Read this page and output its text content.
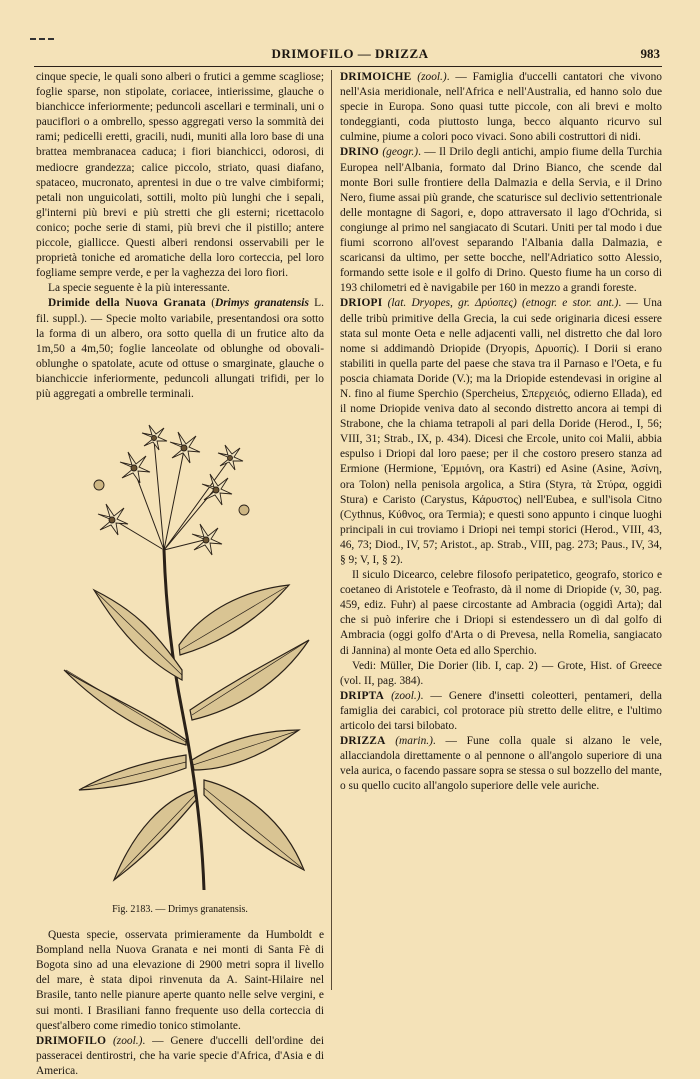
DRIMOFILO — DRIZZA	983

cinque specie, le quali sono alberi o frutici a gemme scagliose; foglie sparse, non stipolate, coriacee, intierissime, glauche o bianchicce inferiormente; peduncoli ascellari e terminali, uni o pauciflori o a ombrello, spesso aggregati verso la sommità dei rami; pedicelli eretti, gracili, nudi, muniti alla loro base di una brattea membranacea caduca; i fiori bianchicci, odorosi, di mediocre grandezza; calice piccolo, striato, quasi diafano, spataceo, mucronato, aprentesi in due o tre valve cimbiformi; petali non unguicolati, sottili, molto più lunghi che i sepali, gl'interni più brevi e più stretti che gli esterni; ricettacolo conico; poche serie di stami, più brevi che il pistillo; antere piccole, giallicce. Questi alberi rendonsi osservabili per le proprietà toniche ed aromatiche della loro corteccia, pel loro fogliame sempre verde, e per la vaghezza dei loro fiori.

La specie seguente è la più interessante.

Drimide della Nuova Granata (Drimys granatensis L. fil. suppl.). — Specie molto variabile, presentandosi ora sotto la forma di un albero, ora sotto quella di un frutice alto da 1m,50 a 4m,50; foglie lanceolate od oblunghe od obovali-oblunghe o spatolate, acute od ottuse o smarginate, glauche o bianchiccie inferiormente, peduncoli allungati trifidi, per lo più aggregati a ombrelle terminali.

Fig. 2183. — Drimys granatensis.

Questa specie, osservata primieramente da Humboldt e Bompland nella Nuova Granata e nei monti di Santa Fè di Bogota sino ad una elevazione di 2900 metri sopra il livello del mare, è stata dipoi rinvenuta da A. Saint-Hilaire nel Brasile, tanto nelle pianure aperte quanto nelle selve vergini, e sui monti. I Brasiliani fanno frequente uso della corteccia di quest'albero come rimedio tonico stimolante.

DRIMOFILO (zool.). — Genere d'uccelli dell'ordine dei passeracei dentirostri, che ha varie specie d'Africa, d'Asia e di America.

DRIMOICHE (zool.). — Famiglia d'uccelli cantatori che vivono nell'Asia meridionale, nell'Africa e nell'Australia, ed hanno solo due specie in Europa. Sono quasi tutte piccole, con ali brevi e molto tondeggianti, coda piuttosto lunga, becco alquanto ricurvo sul culmine, piume a colori poco vivaci. Sono abili costruttori di nidi.

DRINO (geogr.). — Il Drilo degli antichi, ampio fiume della Turchia Europea nell'Albania, formato dal Drino Bianco, che scende dal monte Bori sulle frontiere della Dalmazia e della Servia, e il Drino Nero, fiume assai più grande, che scaturisce sul declivio settentrionale delle montagne di Sagori, e, dopo attraversato il lago d'Ochrida, si congiunge al primo nel sangiacato di Scutari. Uniti per tal modo i due fiumi scorrono all'ovest separando l'Albania dalla Dalmazia, e scaricansi da ultimo, per sette bocche, nell'Adriatico sotto Alessio, formando sette isole e il golfo di Drino. Questo fiume ha un corso di 193 chilometri ed è navigabile per 160 in mezzo a grandi foreste.

DRIOPI (lat. Dryopes, gr. Δρύοπες) (etnogr. e stor. ant.). — Una delle tribù primitive della Grecia, la cui sede originaria dicesi essere stata sul monte Oeta e nelle adjacenti valli, nel distretto che dal loro nome si addimandò Driopide (Dryopis, Δρυοπίς). I Dorii si erano stabiliti in quella parte del paese che stava tra il Parnaso e l'Oeta, e fu poscia chiamata Doride (V.); ma la Driopide estendevasi in origine al N. fino al fiume Sperchio (Spercheius, Σπερχειός, odierno Ellada), ed il nome Driopide veniva dato al secondo distretto ancora ai tempi di Strabone, che la chiama tetrapoli al pari della Doride (Herod., I, 56; VIII, 31; Strab., IX, p. 434). Dicesi che Ercole, unito coi Malii, abbia espulso i Driopi dal loro paese; per il che costoro presero stanza ad Ermione (Hermione, Ἑρμιόνη, ora Kastri) ed Asine (Asine, Ἀσίνη, ora Tolon) nella penisola argolica, a Stira (Styra, τὰ Στύρα, oggidì Stura) e Caristo (Carystus, Κάρυστος) nell'Eubea, e sull'isola Citno (Cythnus, Κύθνος, ora Termia); e questi sono appunto i cinque luoghi principali in cui troviamo i Driopi nei tempi storici (Herod., VIII, 43, 46, 73; Diod., IV, 57; Aristot., ap. Strab., VIII, pag. 273; Paus., IV, 34, § 9; V, I, § 2).

Il siculo Dicearco, celebre filosofo peripatetico, geografo, storico e coetaneo di Aristotele e Teofrasto, dà il nome di Driopide (v, 30, pag. 459, ediz. Fuhr) al paese circostante ad Ambracia (oggidì Arta); dal che si può inferire che i Driopi si estendessero un dì dal golfo di Ambracia (oggi golfo d'Arta o di Prevesa, nella Romelia, sangiacato di Jannina) al monte Oeta ed allo Sperchio.

Vedi: Müller, Die Dorier (lib. I, cap. 2) — Grote, Hist. of Greece (vol. II, pag. 384).

DRIPTA (zool.). — Genere d'insetti coleotteri, pentameri, della famiglia dei carabici, col protorace più stretto delle elitre, e l'ultimo articolo dei tarsi bilobato.

DRIZZA (marin.). — Fune colla quale si alzano le vele, allacciandola direttamente o al pennone o all'angolo superiore di una vela aurica, o facendo passare sopra se stessa o sul bozzello del mante, o su quello cucito all'angolo superiore delle vele auriche.
